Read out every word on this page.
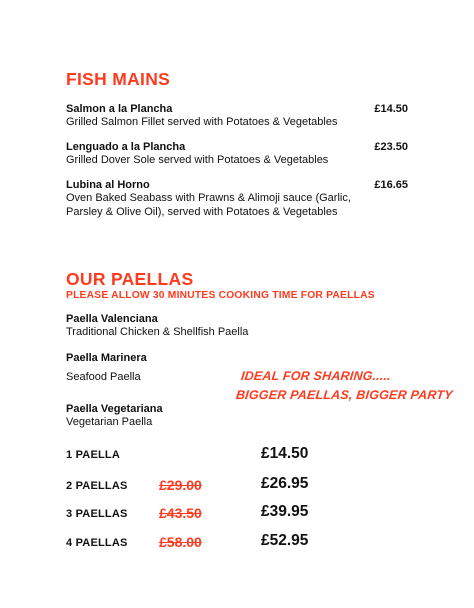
FISH MAINS
Salmon a la Plancha	£14.50
Grilled Salmon Fillet served with Potatoes & Vegetables
Lenguado a la Plancha	£23.50
Grilled Dover Sole served with Potatoes & Vegetables
Lubina al Horno	£16.65
Oven Baked Seabass with Prawns & Alimoji sauce (Garlic,
Parsley & Olive Oil), served with Potatoes & Vegetables
OUR PAELLAS
PLEASE ALLOW 30 MINUTES COOKING TIME FOR PAELLAS
Paella Valenciana
Traditional Chicken & Shellfish Paella
Paella Marinera
Seafood Paella	IDEAL FOR SHARING.....
BIGGER PAELLAS, BIGGER PARTY
Paella Vegetariana
Vegetarian Paella
1 PAELLA	£14.50
2 PAELLAS £29.00	£26.95
3 PAELLAS £43.50	£39.95
4 PAELLAS £58.00	£52.95
